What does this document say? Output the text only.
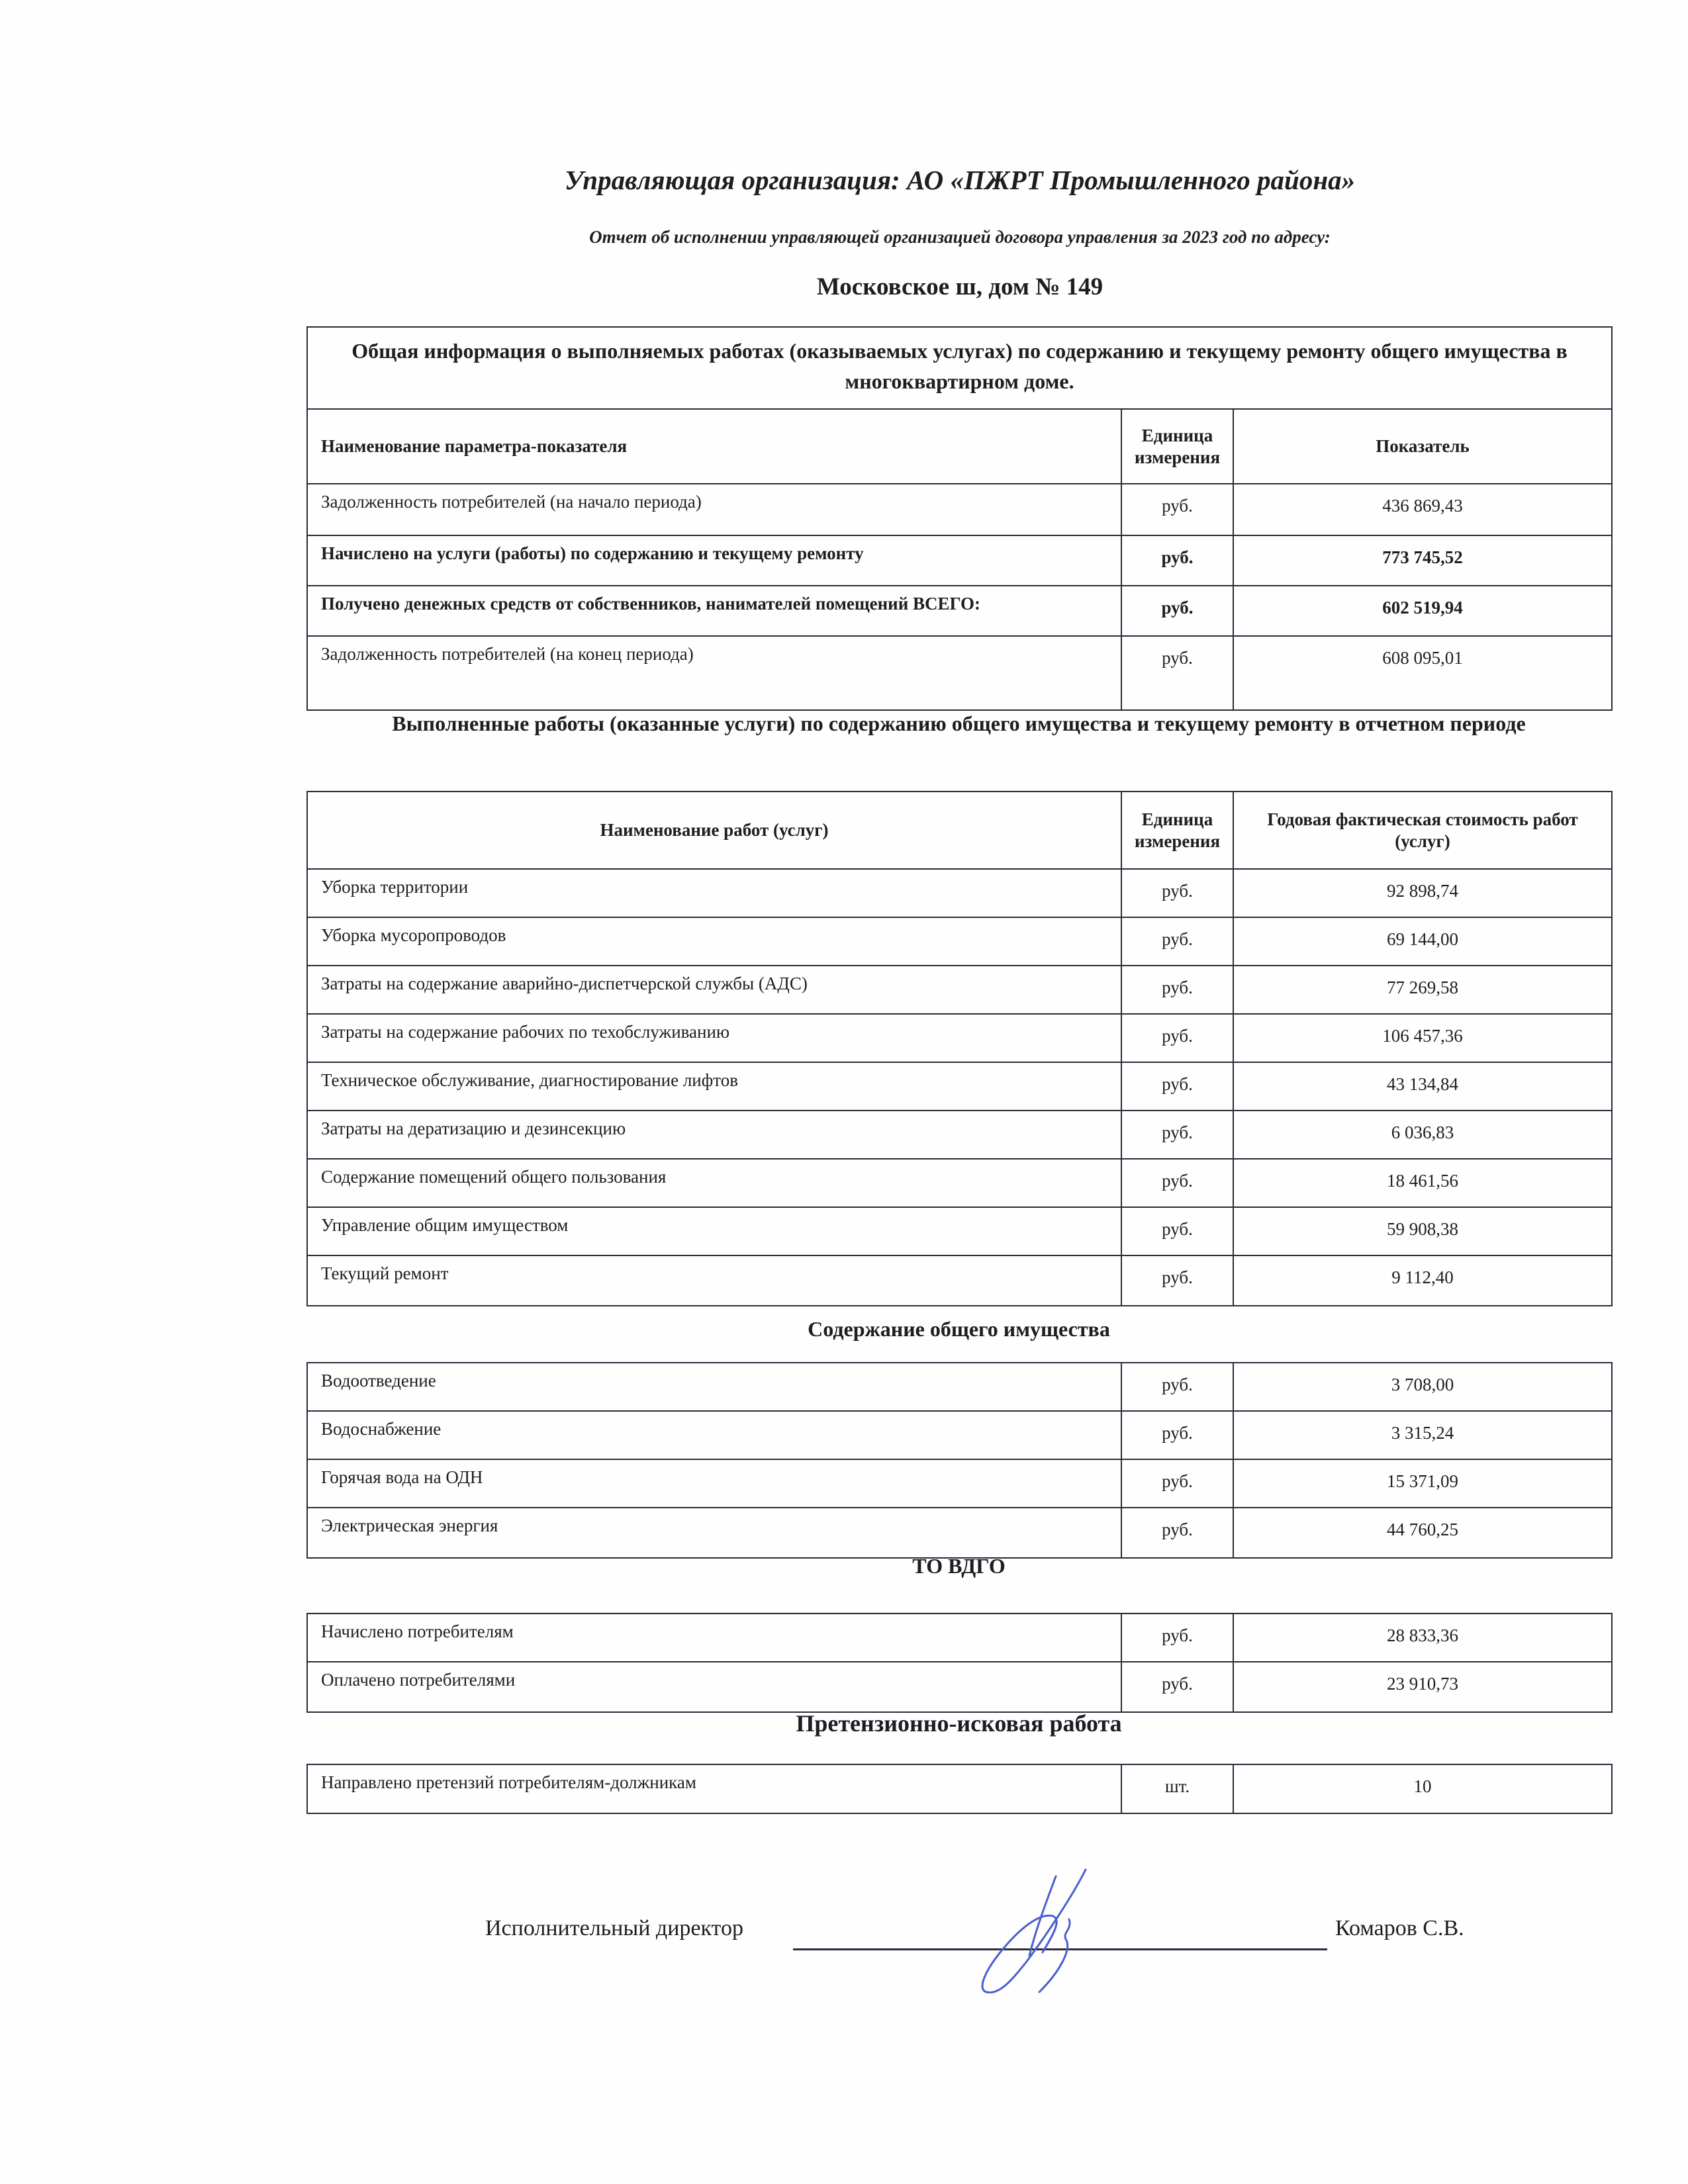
Управляющая организация: АО «ПЖРТ Промышленного района»
Отчет об исполнении управляющей организацией договора управления за 2023 год по адресу:
Московское ш, дом № 149
Общая информация о выполняемых работах (оказываемых услугах) по содержанию и текущему ремонту общего имущества в многоквартирном доме.		
Наименование параметра-показателя	Единица измерения	Показатель
Задолженность потребителей (на начало периода)	руб.	436 869,43
Начислено на услуги (работы) по содержанию и текущему ремонту	руб.	773 745,52
Получено денежных средств от собственников, нанимателей помещений ВСЕГО:	руб.	602 519,94
Задолженность потребителей (на конец периода)	руб.	608 095,01
Выполненные работы (оказанные услуги) по содержанию общего имущества и текущему ремонту в отчетном периоде
Наименование работ (услуг)	Единица измерения	Годовая фактическая стоимость работ (услуг)
Уборка территории	руб.	92 898,74
Уборка мусоропроводов	руб.	69 144,00
Затраты на содержание аварийно-диспетчерской службы (АДС)	руб.	77 269,58
Затраты на содержание рабочих по техобслуживанию	руб.	106 457,36
Техническое обслуживание, диагностирование лифтов	руб.	43 134,84
Затраты на дератизацию и дезинсекцию	руб.	6 036,83
Содержание помещений общего пользования	руб.	18 461,56
Управление общим имуществом	руб.	59 908,38
Текущий ремонт	руб.	9 112,40
Содержание общего имущества
Водоотведение	руб.	3 708,00
Водоснабжение	руб.	3 315,24
Горячая вода на ОДН	руб.	15 371,09
Электрическая энергия	руб.	44 760,25
ТО ВДГО
Начислено потребителям	руб.	28 833,36
Оплачено потребителями	руб.	23 910,73
Претензионно-исковая работа
Направлено претензий потребителям-должникам	шт.	10
Исполнительный директор	Комаров С.В.
